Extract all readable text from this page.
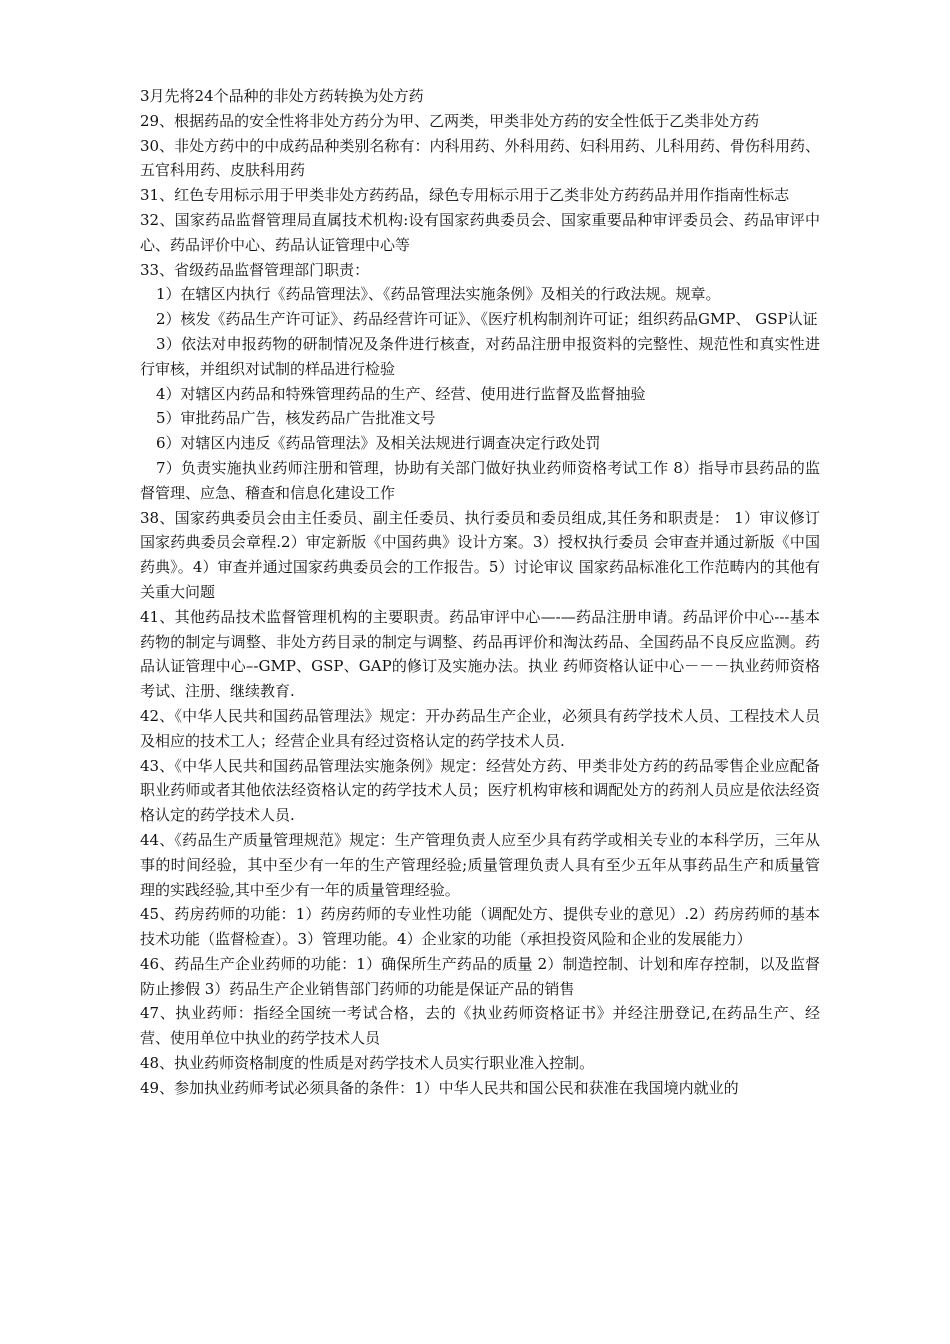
3月先将24个品种的非处方药转换为处方药

29、根据药品的安全性将非处方药分为甲、乙两类，甲类非处方药的安全性低于乙类非处方药

30、非处方药中的中成药品种类别名称有：内科用药、外科用药、妇科用药、儿科用药、骨伤科用药、五官科用药、皮肤科用药

31、红色专用标示用于甲类非处方药药品，绿色专用标示用于乙类非处方药药品并用作指南性标志

32、国家药品监督管理局直属技术机构:设有国家药典委员会、国家重要品种审评委员会、药品审评中心、药品评价中心、药品认证管理中心等

33、省级药品监督管理部门职责：

1）在辖区内执行《药品管理法》、《药品管理法实施条例》及相关的行政法规。规章。

2）核发《药品生产许可证》、药品经营许可证》、《医疗机构制剂许可证；组织药品GMP、 GSP认证

3）依法对申报药物的研制情况及条件进行核查，对药品注册申报资料的完整性、规范性和真实性进行审核，并组织对试制的样品进行检验

4）对辖区内药品和特殊管理药品的生产、经营、使用进行监督及监督抽验

5）审批药品广告，核发药品广告批准文号

6）对辖区内违反《药品管理法》及相关法规进行调查决定行政处罚

7）负责实施执业药师注册和管理，协助有关部门做好执业药师资格考试工作 8）指导市县药品的监督管理、应急、稽查和信息化建设工作

38、国家药典委员会由主任委员、副主任委员、执行委员和委员组成,其任务和职责是： 1）审议修订国家药典委员会章程.2）审定新版《中国药典》设计方案。3）授权执行委员 会审查并通过新版《中国药典》。4）审查并通过国家药典委员会的工作报告。5）讨论审议 国家药品标准化工作范畴内的其他有关重大问题

41、其他药品技术监督管理机构的主要职责。药品审评中心—-—药品注册申请。药品评价中心---基本药物的制定与调整、非处方药目录的制定与调整、药品再评价和淘汰药品、全国药品不良反应监测。药品认证管理中心–-GMP、GSP、GAP的修订及实施办法。执业 药师资格认证中心－－－执业药师资格考试、注册、继续教育.

42、《中华人民共和国药品管理法》规定：开办药品生产企业，必须具有药学技术人员、工程技术人员及相应的技术工人；经营企业具有经过资格认定的药学技术人员.

43、《中华人民共和国药品管理法实施条例》规定：经营处方药、甲类非处方药的药品零售企业应配备职业药师或者其他依法经资格认定的药学技术人员；医疗机构审核和调配处方的药剂人员应是依法经资格认定的药学技术人员.

44、《药品生产质量管理规范》规定：生产管理负责人应至少具有药学或相关专业的本科学历，三年从事的时间经验，其中至少有一年的生产管理经验;质量管理负责人具有至少五年从事药品生产和质量管理的实践经验,其中至少有一年的质量管理经验。

45、药房药师的功能：1）药房药师的专业性功能（调配处方、提供专业的意见）.2）药房药师的基本技术功能（监督检查）。3）管理功能。4）企业家的功能（承担投资风险和企业的发展能力）

46、药品生产企业药师的功能：1）确保所生产药品的质量 2）制造控制、计划和库存控制，以及监督防止掺假 3）药品生产企业销售部门药师的功能是保证产品的销售

47、执业药师：指经全国统一考试合格，去的《执业药师资格证书》并经注册登记,在药品生产、经营、使用单位中执业的药学技术人员

48、执业药师资格制度的性质是对药学技术人员实行职业准入控制。

49、参加执业药师考试必须具备的条件：1）中华人民共和国公民和获准在我国境内就业的
